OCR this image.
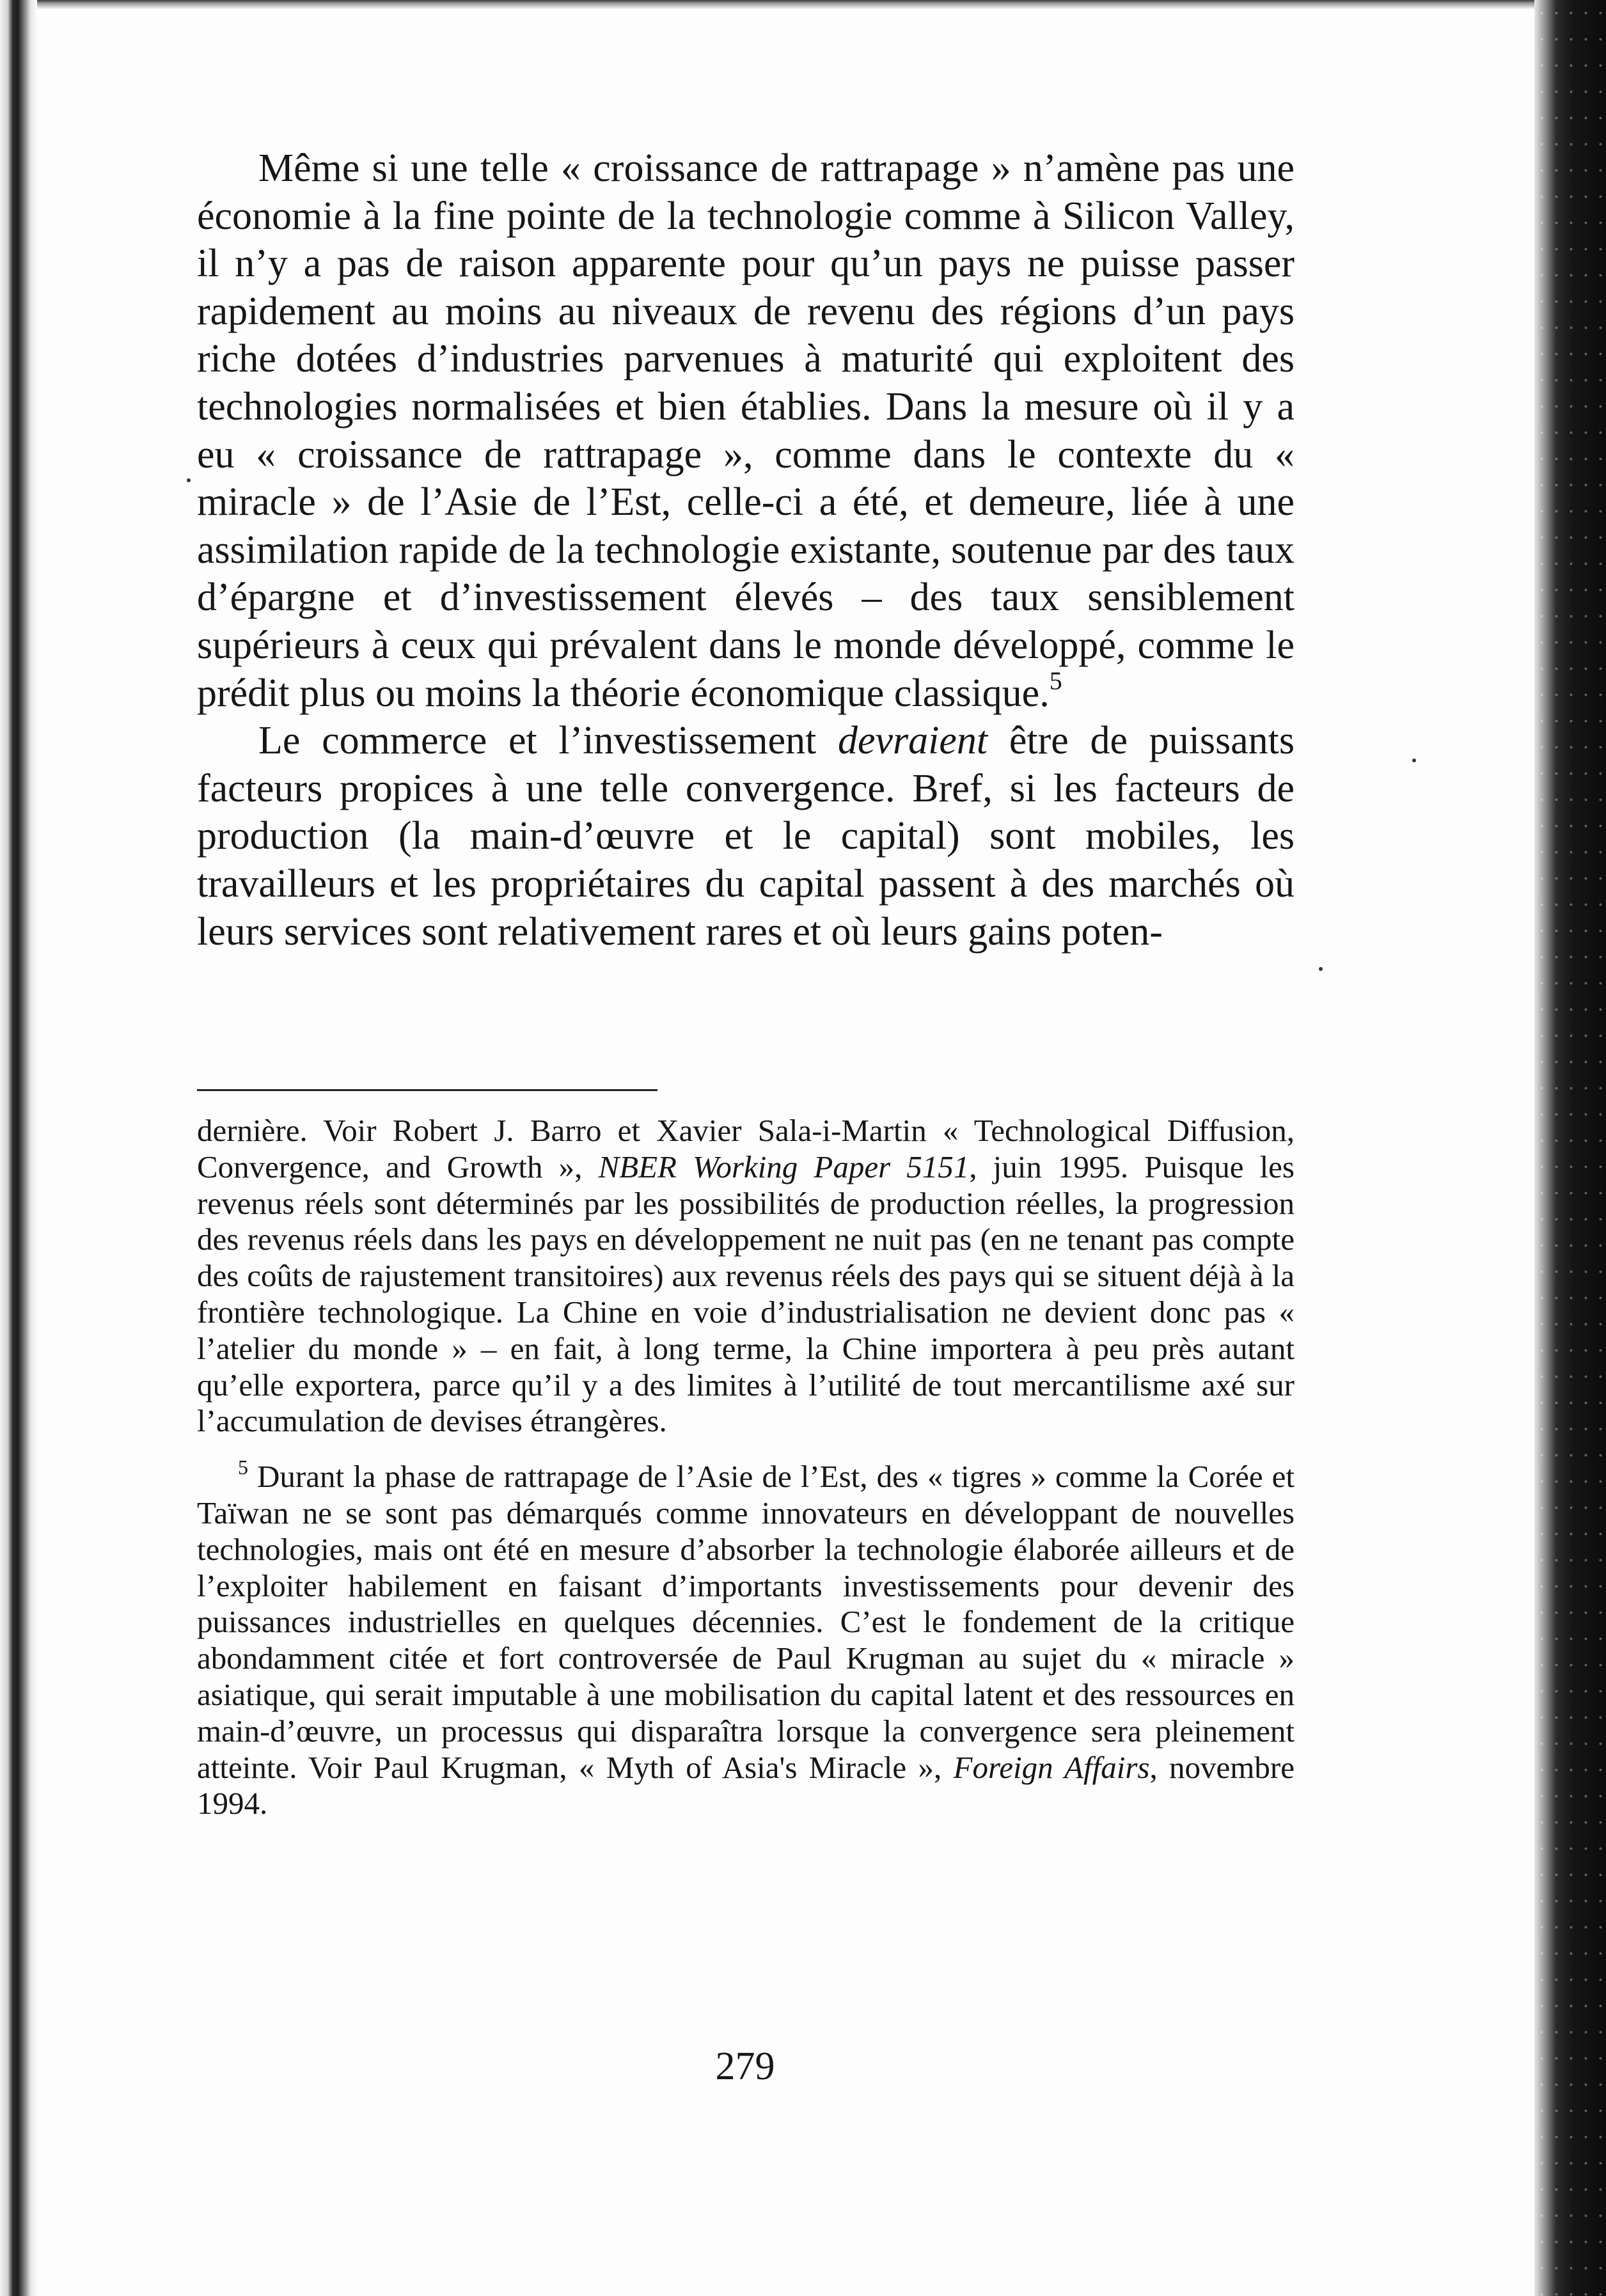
Même si une telle « croissance de rattrapage » n’amène pas une économie à la fine pointe de la technologie comme à Silicon Valley, il n’y a pas de raison apparente pour qu’un pays ne puisse passer rapidement au moins au niveaux de revenu des régions d’un pays riche dotées d’industries parvenues à maturité qui exploitent des technologies normalisées et bien établies. Dans la mesure où il y a eu « croissance de rattrapage », comme dans le contexte du « miracle » de l’Asie de l’Est, celle-ci a été, et demeure, liée à une assimilation rapide de la technologie existante, soutenue par des taux d’épargne et d’investissement élevés – des taux sensiblement supérieurs à ceux qui prévalent dans le monde développé, comme le prédit plus ou moins la théorie économique classique.$^5$

Le commerce et l’investissement devraient être de puissants facteurs propices à une telle convergence. Bref, si les facteurs de production (la main-d’œuvre et le capital) sont mobiles, les travailleurs et les propriétaires du capital passent à des marchés où leurs services sont relativement rares et où leurs gains poten-

dernière. Voir Robert J. Barro et Xavier Sala-i-Martin « Technological Diffusion, Convergence, and Growth », NBER Working Paper 5151, juin 1995. Puisque les revenus réels sont déterminés par les possibilités de production réelles, la progression des revenus réels dans les pays en développement ne nuit pas (en ne tenant pas compte des coûts de rajustement transitoires) aux revenus réels des pays qui se situent déjà à la frontière technologique. La Chine en voie d’industrialisation ne devient donc pas « l’atelier du monde » – en fait, à long terme, la Chine importera à peu près autant qu’elle exportera, parce qu’il y a des limites à l’utilité de tout mercantilisme axé sur l’accumulation de devises étrangères.

$^5$ Durant la phase de rattrapage de l’Asie de l’Est, des « tigres » comme la Corée et Taïwan ne se sont pas démarqués comme innovateurs en développant de nouvelles technologies, mais ont été en mesure d’absorber la technologie élaborée ailleurs et de l’exploiter habilement en faisant d’importants investissements pour devenir des puissances industrielles en quelques décennies. C’est le fondement de la critique abondamment citée et fort controversée de Paul Krugman au sujet du « miracle » asiatique, qui serait imputable à une mobilisation du capital latent et des ressources en main-d’œuvre, un processus qui disparaîtra lorsque la convergence sera pleinement atteinte. Voir Paul Krugman, « Myth of Asia's Miracle », Foreign Affairs, novembre 1994.

279
